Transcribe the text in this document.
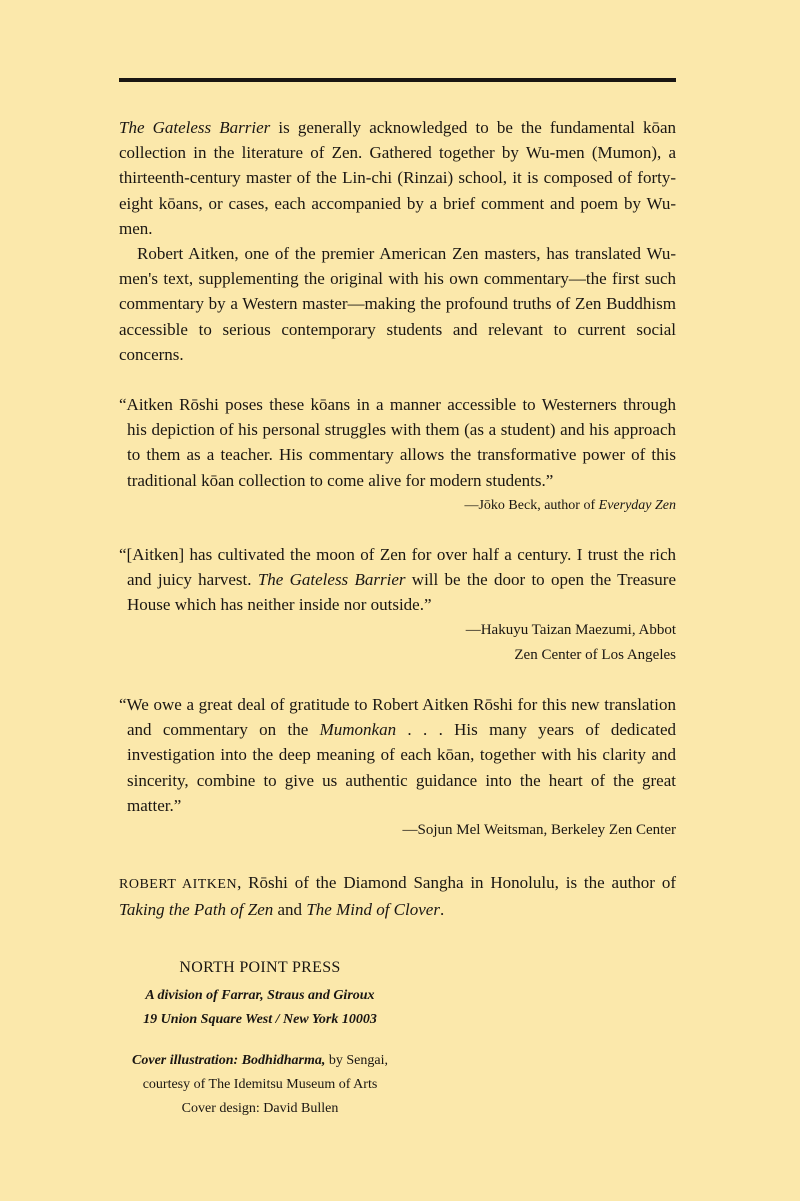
The Gateless Barrier is generally acknowledged to be the fundamental kōan collection in the literature of Zen. Gathered together by Wu-men (Mumon), a thirteenth-century master of the Lin-chi (Rinzai) school, it is composed of forty-eight kōans, or cases, each accompanied by a brief comment and poem by Wu-men.

Robert Aitken, one of the premier American Zen masters, has translated Wu-men's text, supplementing the original with his own commentary—the first such commentary by a Western master—making the profound truths of Zen Buddhism accessible to serious contemporary students and relevant to current social concerns.

“Aitken Rōshi poses these kōans in a manner accessible to Westerners through his depiction of his personal struggles with them (as a student) and his approach to them as a teacher. His commentary allows the transformative power of this traditional kōan collection to come alive for modern students.”
—Jōko Beck, author of Everyday Zen

“[Aitken] has cultivated the moon of Zen for over half a century. I trust the rich and juicy harvest. The Gateless Barrier will be the door to open the Treasure House which has neither inside nor outside.”

—Hakuyu Taizan Maezumi, Abbot

Zen Center of Los Angeles

“We owe a great deal of gratitude to Robert Aitken Rōshi for this new translation and commentary on the Mumonkan . . . His many years of dedicated investigation into the deep meaning of each kōan, together with his clarity and sincerity, combine to give us authentic guidance into the heart of the great matter.”

—Sojun Mel Weitsman, Berkeley Zen Center

ROBERT AITKEN, Rōshi of the Diamond Sangha in Honolulu, is the author of Taking the Path of Zen and The Mind of Clover.

NORTH POINT PRESS
A division of Farrar, Straus and Giroux
19 Union Square West / New York 10003
Cover illustration: Bodhidharma, by Sengai,
courtesy of The Idemitsu Museum of Arts
Cover design: David Bullen
